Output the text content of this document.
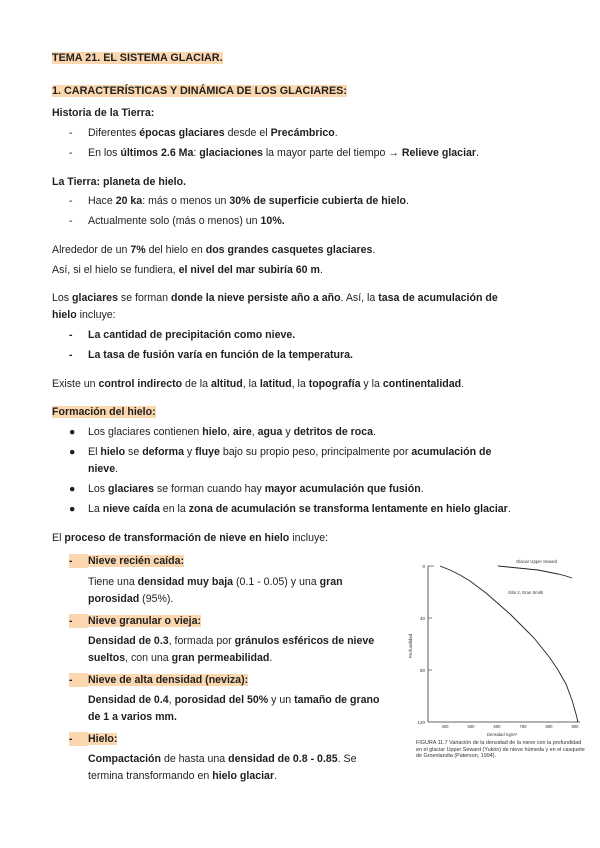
TEMA 21. EL SISTEMA GLACIAR.
1. CARACTERÍSTICAS Y DINÁMICA DE LOS GLACIARES:
Historia de la Tierra:
- Diferentes épocas glaciares desde el Precámbrico.
- En los últimos 2.6 Ma: glaciaciones la mayor parte del tiempo → Relieve glaciar.
La Tierra: planeta de hielo.
- Hace 20 ka: más o menos un 30% de superficie cubierta de hielo.
- Actualmente solo (más o menos) un 10%.
Alrededor de un 7% del hielo en dos grandes casquetes glaciares.
Así, si el hielo se fundiera, el nivel del mar subiría 60 m.
Los glaciares se forman donde la nieve persiste año a año. Así, la tasa de acumulación de
hielo incluye:
- La cantidad de precipitación como nieve.
- La tasa de fusión varía en función de la temperatura.
Existe un control indirecto de la altitud, la latitud, la topografía y la continentalidad.
Formación del hielo:
●	Los glaciares contienen hielo, aire, agua y detritos de roca.
●	El hielo se deforma y fluye bajo su propio peso, principalmente por acumulación de
nieve.
●	Los glaciares se forman cuando hay mayor acumulación que fusión.
●	La nieve caída en la zona de acumulación se transforma lentamente en hielo glaciar.
El proceso de transformación de nieve en hielo incluye:
- Nieve recién caída:
Tiene una densidad muy baja (0.1 - 0.05) y una gran
porosidad (95%).
- Nieve granular o vieja:
Densidad de 0.3, formada por gránulos esféricos de nieve
sueltos, con una gran permeabilidad.
- Nieve de alta densidad (neviza):
Densidad de 0.4, porosidad del 50% y un tamaño de grano
de 1 a varios mm.
- Hielo:
Compactación de hasta una densidad de 0.8 - 0.85. Se
termina transformando en hielo glaciar.
0
40
80
120
Profundidad
400	500	600	700	800	900
Densidad Kg/m³
Glaciar Upper Seward
Sitio 2, Gran Smith
FIGURA 11.7 Variación de la densidad de la nieve con la profundidad en el glaciar Upper Seward (Yukón) de nieve húmeda y en el casquete de Groenlandia (Paterson, 1994).
